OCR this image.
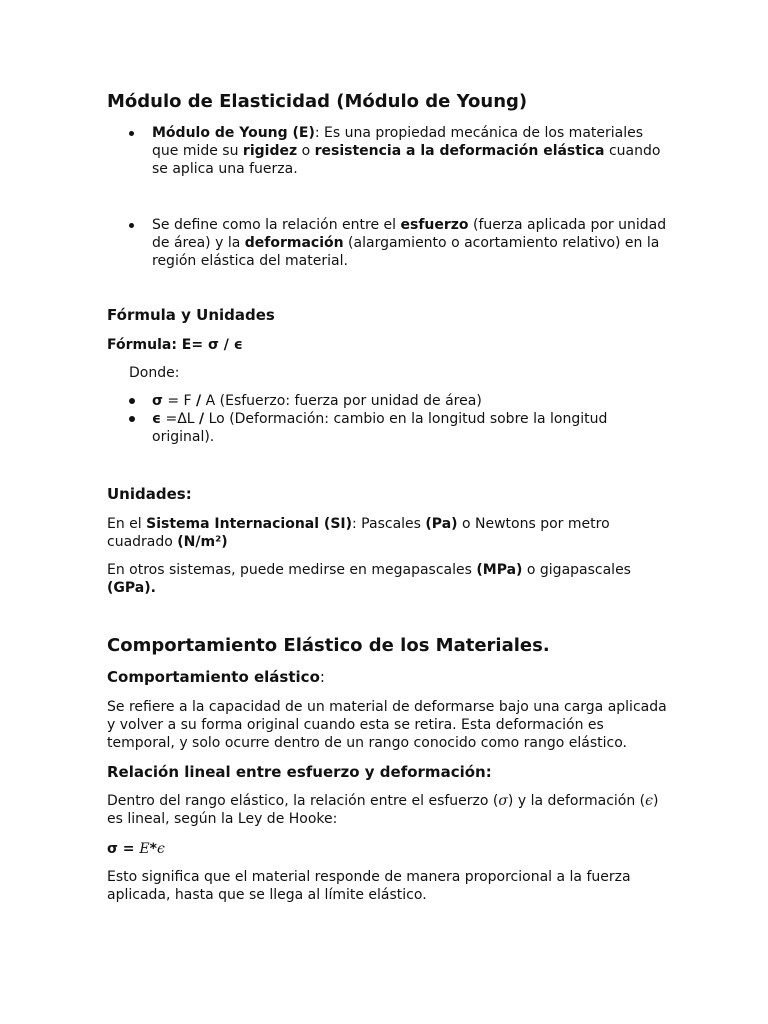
Módulo de Elasticidad (Módulo de Young)

Módulo de Young (E): Es una propiedad mecánica de los materiales que mide su rigidez o resistencia a la deformación elástica cuando se aplica una fuerza.

Se define como la relación entre el esfuerzo (fuerza aplicada por unidad de área) y la deformación (alargamiento o acortamiento relativo) en la región elástica del material.

Fórmula y Unidades

Fórmula: E= σ / ϵ

Donde:

σ = F / A (Esfuerzo: fuerza por unidad de área)

ϵ =ΔL / Lo (Deformación: cambio en la longitud sobre la longitud original).

Unidades:

En el Sistema Internacional (SI): Pascales (Pa) o Newtons por metro cuadrado (N/m²)

En otros sistemas, puede medirse en megapascales (MPa) o gigapascales (GPa).

Comportamiento Elástico de los Materiales.
Comportamiento elástico:

Se refiere a la capacidad de un material de deformarse bajo una carga aplicada y volver a su forma original cuando esta se retira. Esta deformación es temporal, y solo ocurre dentro de un rango conocido como rango elástico.

Relación lineal entre esfuerzo y deformación:

Dentro del rango elástico, la relación entre el esfuerzo (σ) y la deformación (ϵ) es lineal, según la Ley de Hooke:

σ = E*ϵ

Esto significa que el material responde de manera proporcional a la fuerza aplicada, hasta que se llega al límite elástico.
